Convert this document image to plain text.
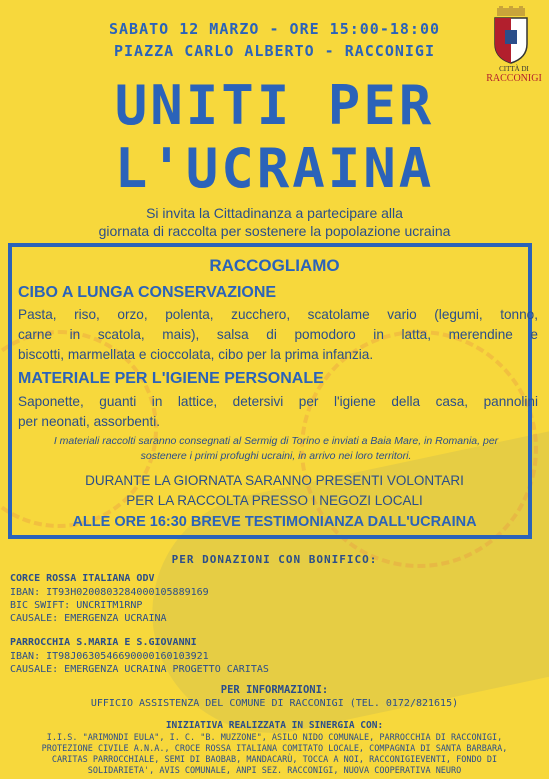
SABATO 12 MARZO - ORE 15:00-18:00
PIAZZA CARLO ALBERTO - RACCONIGI
CITTÀ DI
RACCONIGI
UNITI PER
L'UCRAINA
Si invita la Cittadinanza a partecipare alla
giornata di raccolta per sostenere la popolazione ucraina
RACCOGLIAMO
CIBO A LUNGA CONSERVAZIONE
Pasta, riso, orzo, polenta, zucchero, scatolame vario (legumi, tonno,
carne in scatola, mais), salsa di pomodoro in latta, merendine e
biscotti, marmellata e cioccolata, cibo per la prima infanzia.
MATERIALE PER L'IGIENE PERSONALE
Saponette, guanti in lattice, detersivi per l'igiene della casa, pannolini
per neonati, assorbenti.
I materiali raccolti saranno consegnati al Sermig di Torino e inviati a Baia Mare, in Romania, per
sostenere i primi profughi ucraini, in arrivo nei loro territori.
DURANTE LA GIORNATA SARANNO PRESENTI VOLONTARI
PER LA RACCOLTA PRESSO I NEGOZI LOCALI
ALLE ORE 16:30 BREVE TESTIMONIANZA DALL'UCRAINA
PER DONAZIONI CON BONIFICO:
CORCE ROSSA ITALIANA ODV
IBAN: IT93H0200803284000105889169
BIC SWIFT: UNCRITM1RNP
CAUSALE: EMERGENZA UCRAINA
PARROCCHIA S.MARIA E S.GIOVANNI
IBAN: IT98J0630546690000160103921
CAUSALE: EMERGENZA UCRAINA PROGETTO CARITAS
PER INFORMAZIONI:
UFFICIO ASSISTENZA DEL COMUNE DI RACCONIGI (TEL. 0172/821615)
INIZIATIVA REALIZZATA IN SINERGIA CON:
I.I.S. "ARIMONDI EULA", I. C. "B. MUZZONE", ASILO NIDO COMUNALE, PARROCCHIA DI RACCONIGI,
PROTEZIONE CIVILE A.N.A., CROCE ROSSA ITALIANA COMITATO LOCALE, COMPAGNIA DI SANTA BARBARA,
CARITAS PARROCCHIALE, SEMI DI BAOBAB, MANDACARÙ, TOCCA A NOI, RACCONIGIEVENTI, FONDO DI
SOLIDARIETA', AVIS COMUNALE, ANPI SEZ. RACCONIGI, NUOVA COOPERATIVA NEURO
